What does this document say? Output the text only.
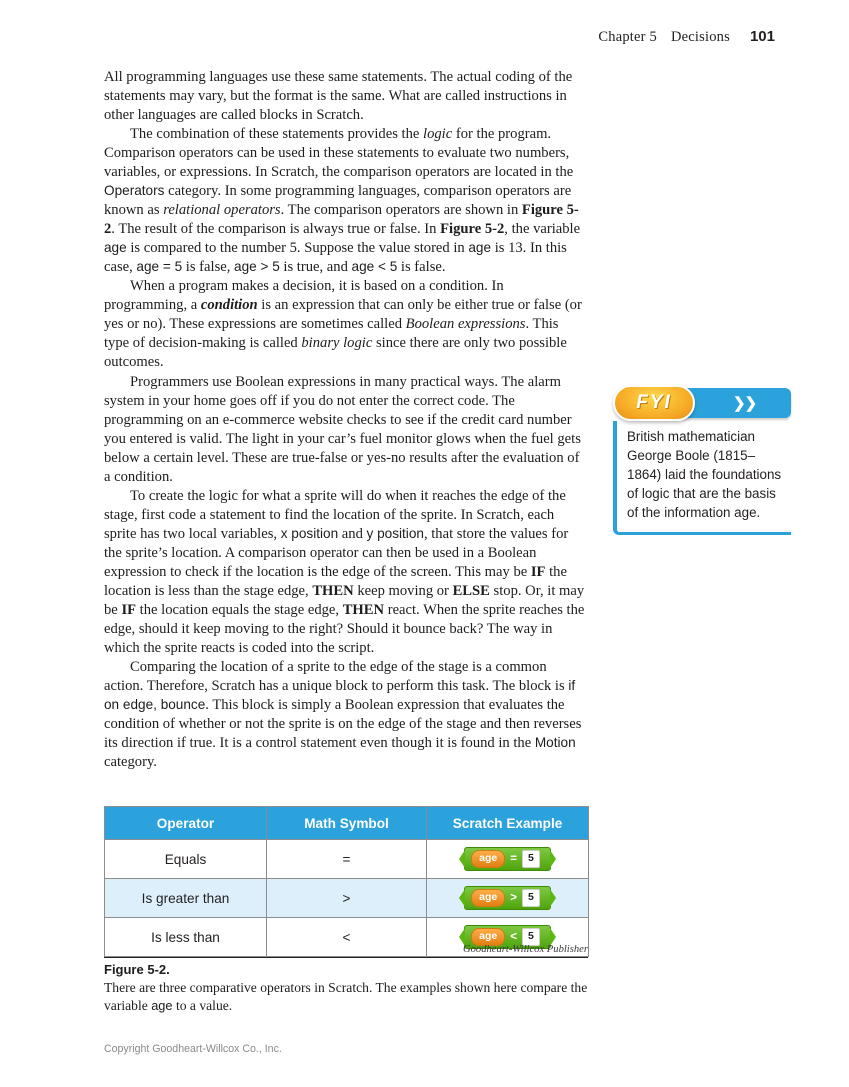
Chapter 5 Decisions 101

All programming languages use these same statements. The actual coding of the statements may vary, but the format is the same. What are called instructions in other languages are called blocks in Scratch.

The combination of these statements provides the logic for the program. Comparison operators can be used in these statements to evaluate two numbers, variables, or expressions. In Scratch, the comparison operators are located in the Operators category. In some programming languages, comparison operators are known as relational operators. The comparison operators are shown in Figure 5-2. The result of the comparison is always true or false. In Figure 5-2, the variable age is compared to the number 5. Suppose the value stored in age is 13. In this case, age = 5 is false, age > 5 is true, and age < 5 is false.

When a program makes a decision, it is based on a condition. In programming, a condition is an expression that can only be either true or false (or yes or no). These expressions are sometimes called Boolean expressions. This type of decision-making is called binary logic since there are only two possible outcomes.

Programmers use Boolean expressions in many practical ways. The alarm system in your home goes off if you do not enter the correct code. The programming on an e-commerce website checks to see if the credit card number you entered is valid. The light in your car’s fuel monitor glows when the fuel gets below a certain level. These are true-false or yes-no results after the evaluation of a condition.

To create the logic for what a sprite will do when it reaches the edge of the stage, first code a statement to find the location of the sprite. In Scratch, each sprite has two local variables, x position and y position, that store the values for the sprite’s location. A comparison operator can then be used in a Boolean expression to check if the location is the edge of the screen. This may be IF the location is less than the stage edge, THEN keep moving or ELSE stop. Or, it may be IF the location equals the stage edge, THEN react. When the sprite reaches the edge, should it keep moving to the right? Should it bounce back? The way in which the sprite reacts is coded into the script.

Comparing the location of a sprite to the edge of the stage is a common action. Therefore, Scratch has a unique block to perform this task. The block is if on edge, bounce. This block is simply a Boolean expression that evaluates the condition of whether or not the sprite is on the edge of the stage and then reverses its direction if true. It is a control statement even though it is found in the Motion category.

❯❯
FYI
British mathematician George Boole (1815–1864) laid the foundations of logic that are the basis of the information age.
Operator	Math Symbol	Scratch Example
Equals	=	age = 5

Is greater than	>	age > 5

Is less than	<	age < 5
Goodheart-Willcox Publisher
Figure 5-2.
There are three comparative operators in Scratch. The examples shown here compare the variable age to a value.
Copyright Goodheart-Willcox Co., Inc.
